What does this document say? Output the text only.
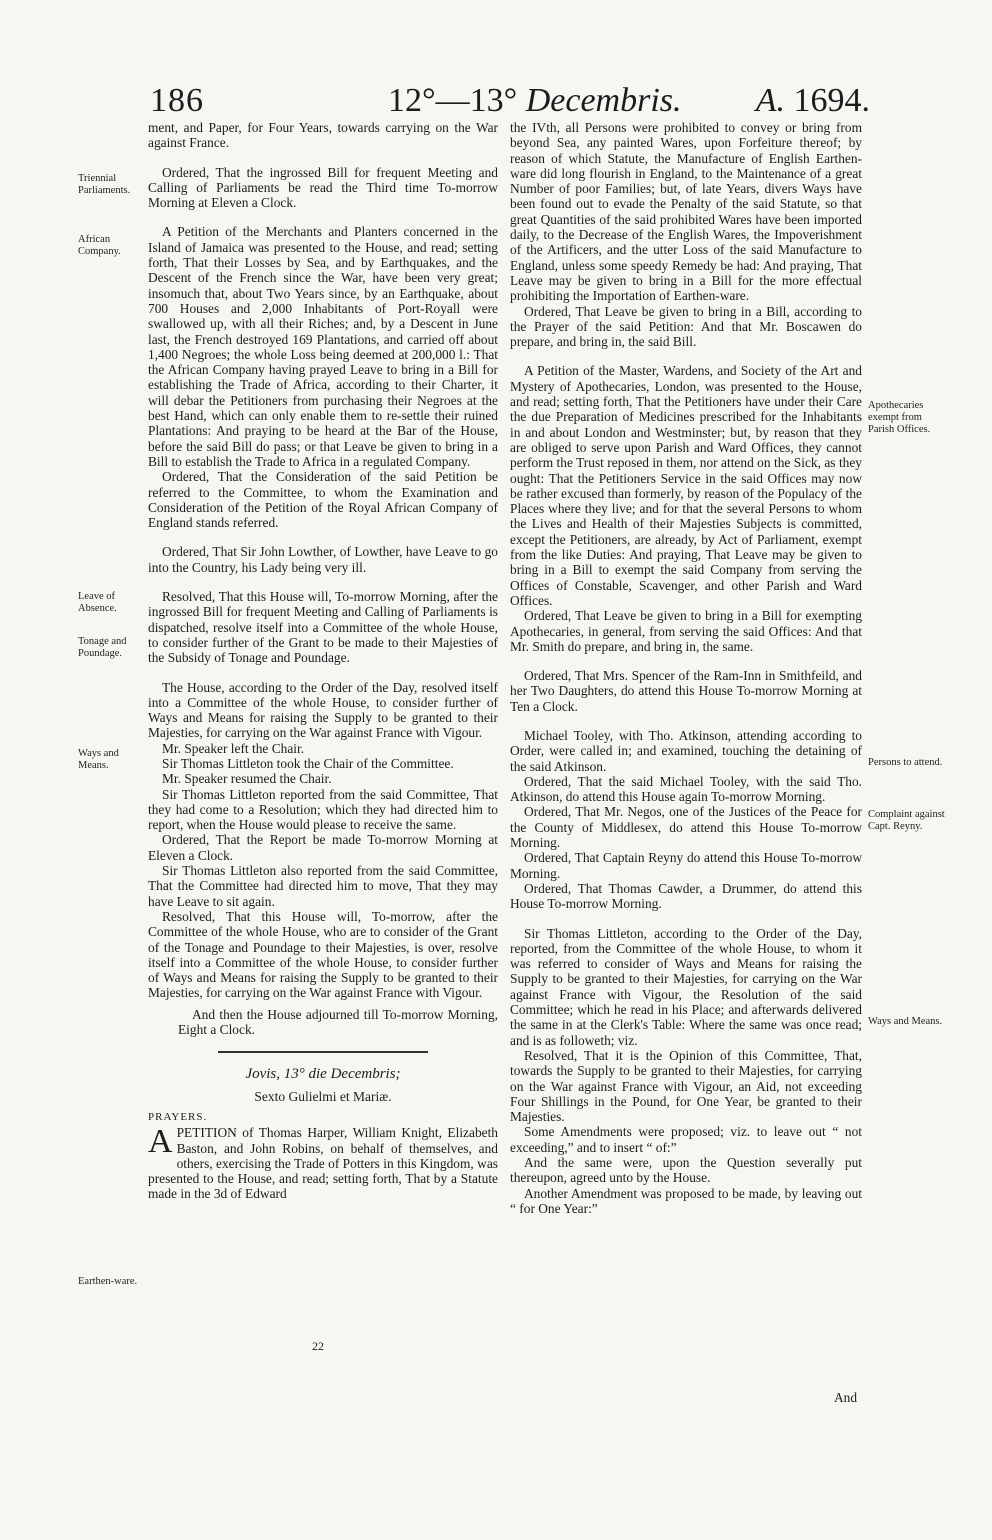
186	12°—13° Decembris. A. 1694.
Triennial Parliaments.
African Company.
Leave of Absence.
Tonage and Poundage.
Ways and Means.
Earthen-ware.
Apothecaries exempt from Parish Offices.
Persons to attend.
Complaint against Capt. Reyny.
Ways and Means.

ment, and Paper, for Four Years, towards carrying on the War against France.

Ordered, That the ingrossed Bill for frequent Meeting and Calling of Parliaments be read the Third time To-morrow Morning at Eleven a Clock.

A Petition of the Merchants and Planters concerned in the Island of Jamaica was presented to the House, and read; setting forth, That their Losses by Sea, and by Earthquakes, and the Descent of the French since the War, have been very great; insomuch that, about Two Years since, by an Earthquake, about 700 Houses and 2,000 Inhabitants of Port-Royall were swallowed up, with all their Riches; and, by a Descent in June last, the French destroyed 169 Plantations, and carried off about 1,400 Negroes; the whole Loss being deemed at 200,000 l.: That the African Company having prayed Leave to bring in a Bill for establishing the Trade of Africa, according to their Charter, it will debar the Petitioners from purchasing their Negroes at the best Hand, which can only enable them to re-settle their ruined Plantations: And praying to be heard at the Bar of the House, before the said Bill do pass; or that Leave be given to bring in a Bill to establish the Trade to Africa in a regulated Company.

Ordered, That the Consideration of the said Petition be referred to the Committee, to whom the Examination and Consideration of the Petition of the Royal African Company of England stands referred.

Ordered, That Sir John Lowther, of Lowther, have Leave to go into the Country, his Lady being very ill.

Resolved, That this House will, To-morrow Morning, after the ingrossed Bill for frequent Meeting and Calling of Parliaments is dispatched, resolve itself into a Committee of the whole House, to consider further of the Grant to be made to their Majesties of the Subsidy of Tonage and Poundage.

The House, according to the Order of the Day, resolved itself into a Committee of the whole House, to consider further of Ways and Means for raising the Supply to be granted to their Majesties, for carrying on the War against France with Vigour.

Mr. Speaker left the Chair.

Sir Thomas Littleton took the Chair of the Committee.

Mr. Speaker resumed the Chair.

Sir Thomas Littleton reported from the said Committee, That they had come to a Resolution; which they had directed him to report, when the House would please to receive the same.

Ordered, That the Report be made To-morrow Morning at Eleven a Clock.

Sir Thomas Littleton also reported from the said Committee, That the Committee had directed him to move, That they may have Leave to sit again.

Resolved, That this House will, To-morrow, after the Committee of the whole House, who are to consider of the Grant of the Tonage and Poundage to their Majesties, is over, resolve itself into a Committee of the whole House, to consider further of Ways and Means for raising the Supply to be granted to their Majesties, for carrying on the War against France with Vigour.

And then the House adjourned till To-morrow Morning, Eight a Clock.

Jovis, 13° die Decembris;

Sexto Gulielmi et Mariæ.

PRAYERS.

APETITION of Thomas Harper, William Knight, Elizabeth Baston, and John Robins, on behalf of themselves, and others, exercising the Trade of Potters in this Kingdom, was presented to the House, and read; setting forth, That by a Statute made in the 3d of Edward

22

the IVth, all Persons were prohibited to convey or bring from beyond Sea, any painted Wares, upon Forfeiture thereof; by reason of which Statute, the Manufacture of English Earthen-ware did long flourish in England, to the Maintenance of a great Number of poor Families; but, of late Years, divers Ways have been found out to evade the Penalty of the said Statute, so that great Quantities of the said prohibited Wares have been imported daily, to the Decrease of the English Wares, the Impoverishment of the Artificers, and the utter Loss of the said Manufacture to England, unless some speedy Remedy be had: And praying, That Leave may be given to bring in a Bill for the more effectual prohibiting the Importation of Earthen-ware.

Ordered, That Leave be given to bring in a Bill, according to the Prayer of the said Petition: And that Mr. Boscawen do prepare, and bring in, the said Bill.

A Petition of the Master, Wardens, and Society of the Art and Mystery of Apothecaries, London, was presented to the House, and read; setting forth, That the Petitioners have under their Care the due Preparation of Medicines prescribed for the Inhabitants in and about London and Westminster; but, by reason that they are obliged to serve upon Parish and Ward Offices, they cannot perform the Trust reposed in them, nor attend on the Sick, as they ought: That the Petitioners Service in the said Offices may now be rather excused than formerly, by reason of the Populacy of the Places where they live; and for that the several Persons to whom the Lives and Health of their Majesties Subjects is committed, except the Petitioners, are already, by Act of Parliament, exempt from the like Duties: And praying, That Leave may be given to bring in a Bill to exempt the said Company from serving the Offices of Constable, Scavenger, and other Parish and Ward Offices.

Ordered, That Leave be given to bring in a Bill for exempting Apothecaries, in general, from serving the said Offices: And that Mr. Smith do prepare, and bring in, the same.

Ordered, That Mrs. Spencer of the Ram-Inn in Smithfeild, and her Two Daughters, do attend this House To-morrow Morning at Ten a Clock.

Michael Tooley, with Tho. Atkinson, attending according to Order, were called in; and examined, touching the detaining of the said Atkinson.

Ordered, That the said Michael Tooley, with the said Tho. Atkinson, do attend this House again To-morrow Morning.

Ordered, That Mr. Negos, one of the Justices of the Peace for the County of Middlesex, do attend this House To-morrow Morning.

Ordered, That Captain Reyny do attend this House To-morrow Morning.

Ordered, That Thomas Cawder, a Drummer, do attend this House To-morrow Morning.

Sir Thomas Littleton, according to the Order of the Day, reported, from the Committee of the whole House, to whom it was referred to consider of Ways and Means for raising the Supply to be granted to their Majesties, for carrying on the War against France with Vigour, the Resolution of the said Committee; which he read in his Place; and afterwards delivered the same in at the Clerk's Table: Where the same was once read; and is as followeth; viz.

Resolved, That it is the Opinion of this Committee, That, towards the Supply to be granted to their Majesties, for carrying on the War against France with Vigour, an Aid, not exceeding Four Shillings in the Pound, for One Year, be granted to their Majesties.

Some Amendments were proposed; viz. to leave out “ not exceeding,” and to insert “ of:”

And the same were, upon the Question severally put thereupon, agreed unto by the House.

Another Amendment was proposed to be made, by leaving out “ for One Year:”

And
